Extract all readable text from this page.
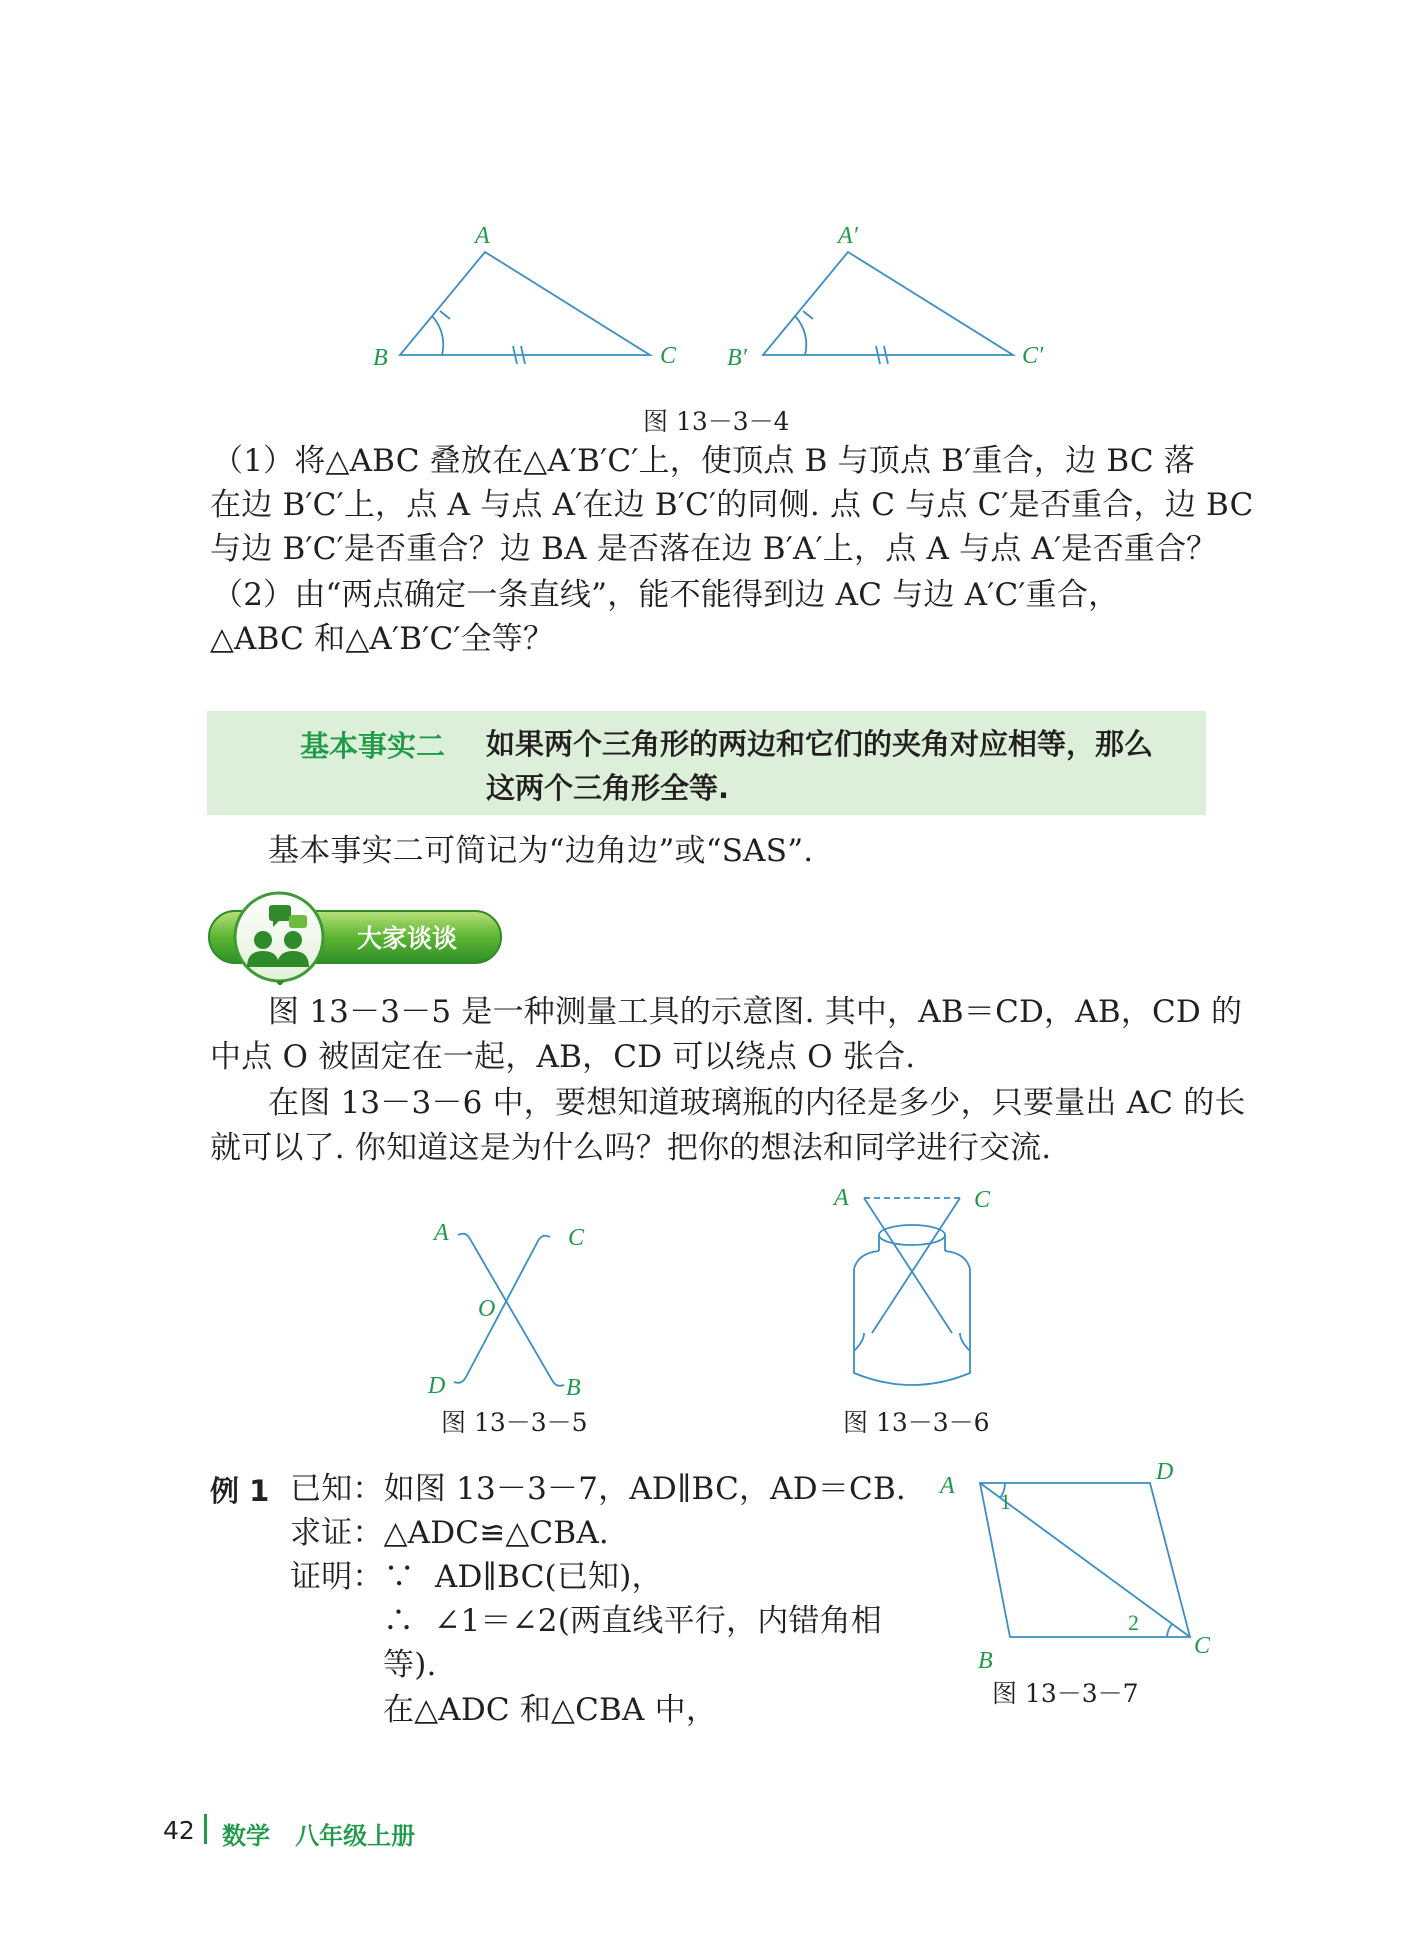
A
B	C
A′
B′	C′
图 13－3－4
（1）将△ABC 叠放在△A′B′C′上，使顶点 B 与顶点 B′重合，边 BC 落
在边 B′C′上，点 A 与点 A′在边 B′C′的同侧. 点 C 与点 C′是否重合，边 BC
与边 B′C′是否重合？边 BA 是否落在边 B′A′上，点 A 与点 A′是否重合？
（2）由“两点确定一条直线”，能不能得到边 AC 与边 A′C′重合，
△ABC 和△A′B′C′全等？
基本事实二 如果两个三角形的两边和它们的夹角对应相等，那么
这两个三角形全等.
基本事实二可简记为“边角边”或“SAS”.
大家谈谈
图 13－3－5 是一种测量工具的示意图. 其中，AB＝CD，AB，CD 的
中点 O 被固定在一起，AB，CD 可以绕点 O 张合.
在图 13－3－6 中，要想知道玻璃瓶的内径是多少，只要量出 AC 的长
就可以了. 你知道这是为什么吗？把你的想法和同学进行交流.
A	C
O
D	B
图 13－3－5
A	C
图 13－3－6
例 1 已知：如图 13－3－7，AD∥BC，AD＝CB.
求证：△ADC≌△CBA.
证明：∵  AD∥BC(已知)，
∴  ∠1＝∠2(两直线平行，内错角相
等).
在△ADC 和△CBA 中，
A
D
B
C
1
2
图 13－3－7
42 数学   八年级上册
